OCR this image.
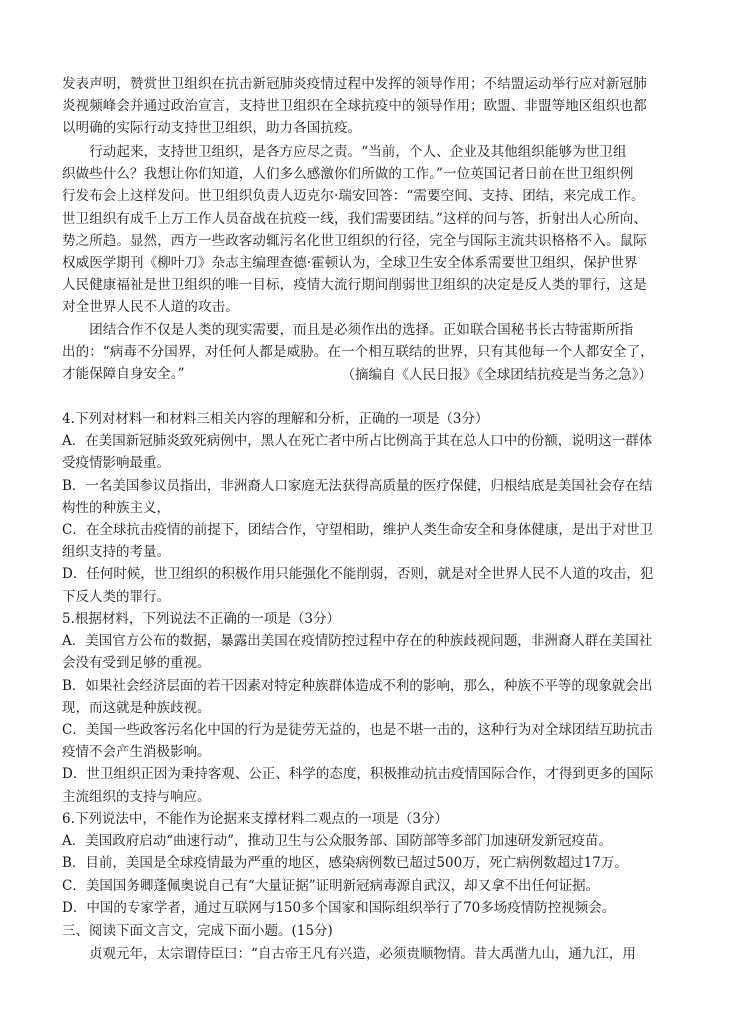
发表声明，赞赏世卫组织在抗击新冠肺炎疫情过程中发挥的领导作用；不结盟运动举行应对新冠肺
炎视频峰会并通过政治宣言，支持世卫组织在全球抗疫中的领导作用；欧盟、非盟等地区组织也都
以明确的实际行动支持世卫组织，助力各国抗疫。
　　行动起来，支持世卫组织，是各方应尽之责。“当前，个人、企业及其他组织能够为世卫组
织做些什么？我想让你们知道，人们多么感激你们所做的工作。”一位英国记者日前在世卫组织例
行发布会上这样发问。世卫组织负责人迈克尔·瑞安回答：“需要空间、支持、团结，来完成工作。
世卫组织有成千上万工作人员奋战在抗疫一线，我们需要团结。”这样的问与答，折射出人心所向、
势之所趋。显然，西方一些政客动辄污名化世卫组织的行径，完全与国际主流共识格格不入。鼠际
权威医学期刊《柳叶刀》杂志主编理查德·霍顿认为，全球卫生安全体系需要世卫组织，保护世界
人民健康福祉是世卫组织的唯一目标，疫情大流行期间削弱世卫组织的决定是反人类的罪行，这是
对全世界人民不人道的攻击。
　　团结合作不仅是人类的现实需要，而且是必须作出的选择。正如联合国秘书长古特雷斯所指
出的：“病毒不分国界，对任何人都是威胁。在一个相互联结的世界，只有其他每一个人都安全了，
才能保障自身安全。”	（摘编自《人民日报》《全球团结抗疫是当务之急》）
4.下列对材料一和材料三相关内容的理解和分析，正确的一项是（3分）
A．在美国新冠肺炎致死病例中，黑人在死亡者中所占比例高于其在总人口中的份额，说明这一群体
受疫情影响最重。
B．一名美国参议员指出，非洲裔人口家庭无法获得高质量的医疗保健，归根结底是美国社会存在结
构性的种族主义，
C．在全球抗击疫情的前提下，团结合作，守望相助，维护人类生命安全和身体健康，是出于对世卫
组织支持的考量。
D．任何时候，世卫组织的积极作用只能强化不能削弱，否则，就是对全世界人民不人道的攻击，犯
下反人类的罪行。
5.根据材料，下列说法不正确的一项是（3分）
A．美国官方公布的数据，暴露出美国在疫情防控过程中存在的种族歧视问题，非洲裔人群在美国社
会没有受到足够的重视。
B．如果社会经济层面的若干因素对特定种族群体造成不利的影响，那么，种族不平等的现象就会出
现，而这就是种族歧视。
C．美国一些政客污名化中国的行为是徒劳无益的，也是不堪一击的，这种行为对全球团结互助抗击
疫情不会产生消极影响。
D．世卫组织正因为秉持客观、公正、科学的态度，积极推动抗击疫情国际合作，才得到更多的国际
主流组织的支持与响应。
6.下列说法中，不能作为论据来支撑材料二观点的一项是（3分）
A．美国政府启动“曲速行动”，推动卫生与公众服务部、国防部等多部门加速研发新冠疫苗。
B．目前，美国是全球疫情最为严重的地区，感染病例数已超过500万，死亡病例数超过17万。
C．美国国务卿蓬佩奥说自己有“大量证据”证明新冠病毒源自武汉，却又拿不出任何证据。
D．中国的专家学者，通过互联网与150多个国家和国际组织举行了70多场疫情防控视频会。
三、阅读下面文言文，完成下面小题。(15分)
　　贞观元年，太宗谓侍臣曰：“自古帝王凡有兴造，必须贵顺物情。昔大禹凿九山，通九江，用
